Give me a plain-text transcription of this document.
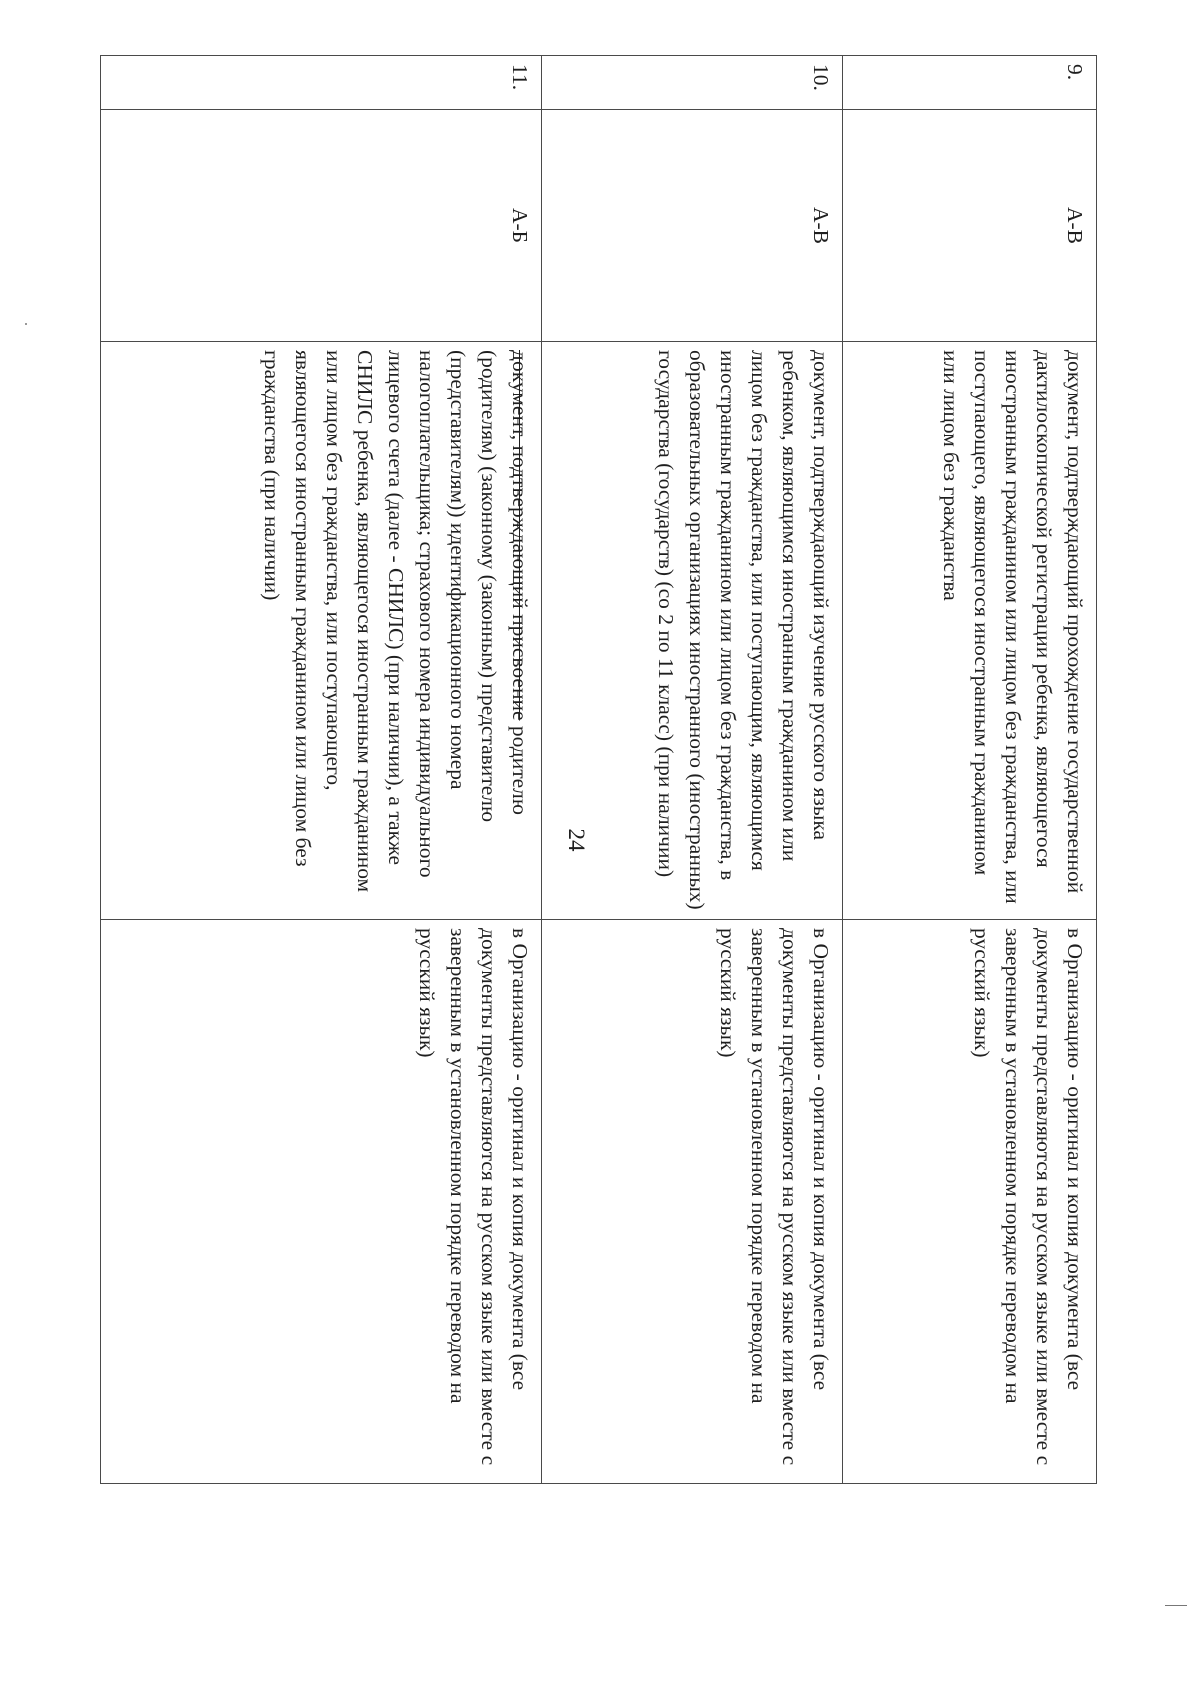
24
9.	А-В	документ, подтверждающий прохождение государственной дактилоскопической регистрации ребенка, являющегося иностранным гражданином или лицом без гражданства, или поступающего, являющегося иностранным гражданином или лицом без гражданства	в Организацию - оригинал и копия документа (все документы представляются на русском языке или вместе с заверенным в установленном порядке переводом на русский язык)
10.	А-В	документ, подтверждающий изучение русского языка ребенком, являющимся иностранным гражданином или лицом без гражданства, или поступающим, являющимся иностранным гражданином или лицом без гражданства, в образовательных организациях иностранного (иностранных) государства (государств) (со 2 по 11 класс) (при наличии)	в Организацию - оригинал и копия документа (все документы представляются на русском языке или вместе с заверенным в установленном порядке переводом на русский язык)
11.	А-Б	документ, подтверждающий присвоение родителю (родителям) (законному (законным) представителю (представителям)) идентификационного номера налогоплательщика; страхового номера индивидуального лицевого счета (далее - СНИЛС) (при наличии), а также СНИЛС ребенка, являющегося иностранным гражданином или лицом без гражданства, или поступающего, являющегося иностранным гражданином или лицом без гражданства (при наличии)	в Организацию - оригинал и копия документа (все документы представляются на русском языке или вместе с заверенным в установленном порядке переводом на русский язык)
